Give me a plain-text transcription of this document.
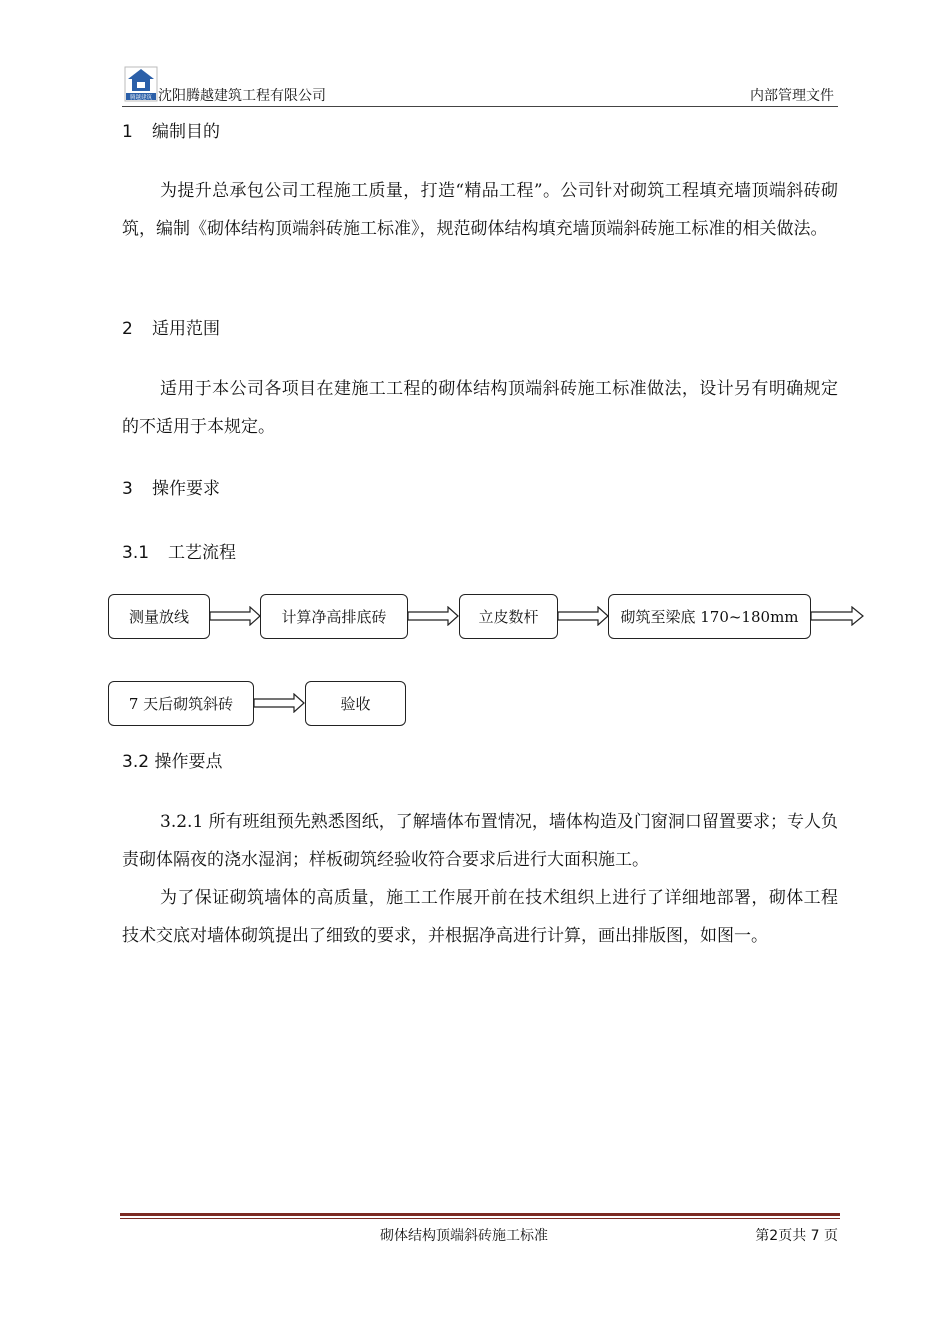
腾越建筑 沈阳腾越建筑工程有限公司	内部管理文件
1 编制目的
为提升总承包公司工程施工质量，打造“精品工程”。公司针对砌筑工程填充墙顶端斜砖砌筑，编制《砌体结构顶端斜砖施工标准》，规范砌体结构填充墙顶端斜砖施工标准的相关做法。
2 适用范围
适用于本公司各项目在建施工工程的砌体结构顶端斜砖施工标准做法，设计另有明确规定的不适用于本规定。
3 操作要求
3.1 工艺流程
测量放线	计算净高排底砖	立皮数杆	砌筑至梁底 170~180mm
7 天后砌筑斜砖	验收
3.2 操作要点
3.2.1 所有班组预先熟悉图纸，了解墙体布置情况，墙体构造及门窗洞口留置要求；专人负责砌体隔夜的浇水湿润；样板砌筑经验收符合要求后进行大面积施工。
为了保证砌筑墙体的高质量，施工工作展开前在技术组织上进行了详细地部署，砌体工程技术交底对墙体砌筑提出了细致的要求，并根据净高进行计算，画出排版图，如图一。
砌体结构顶端斜砖施工标准	第2页共 7 页
